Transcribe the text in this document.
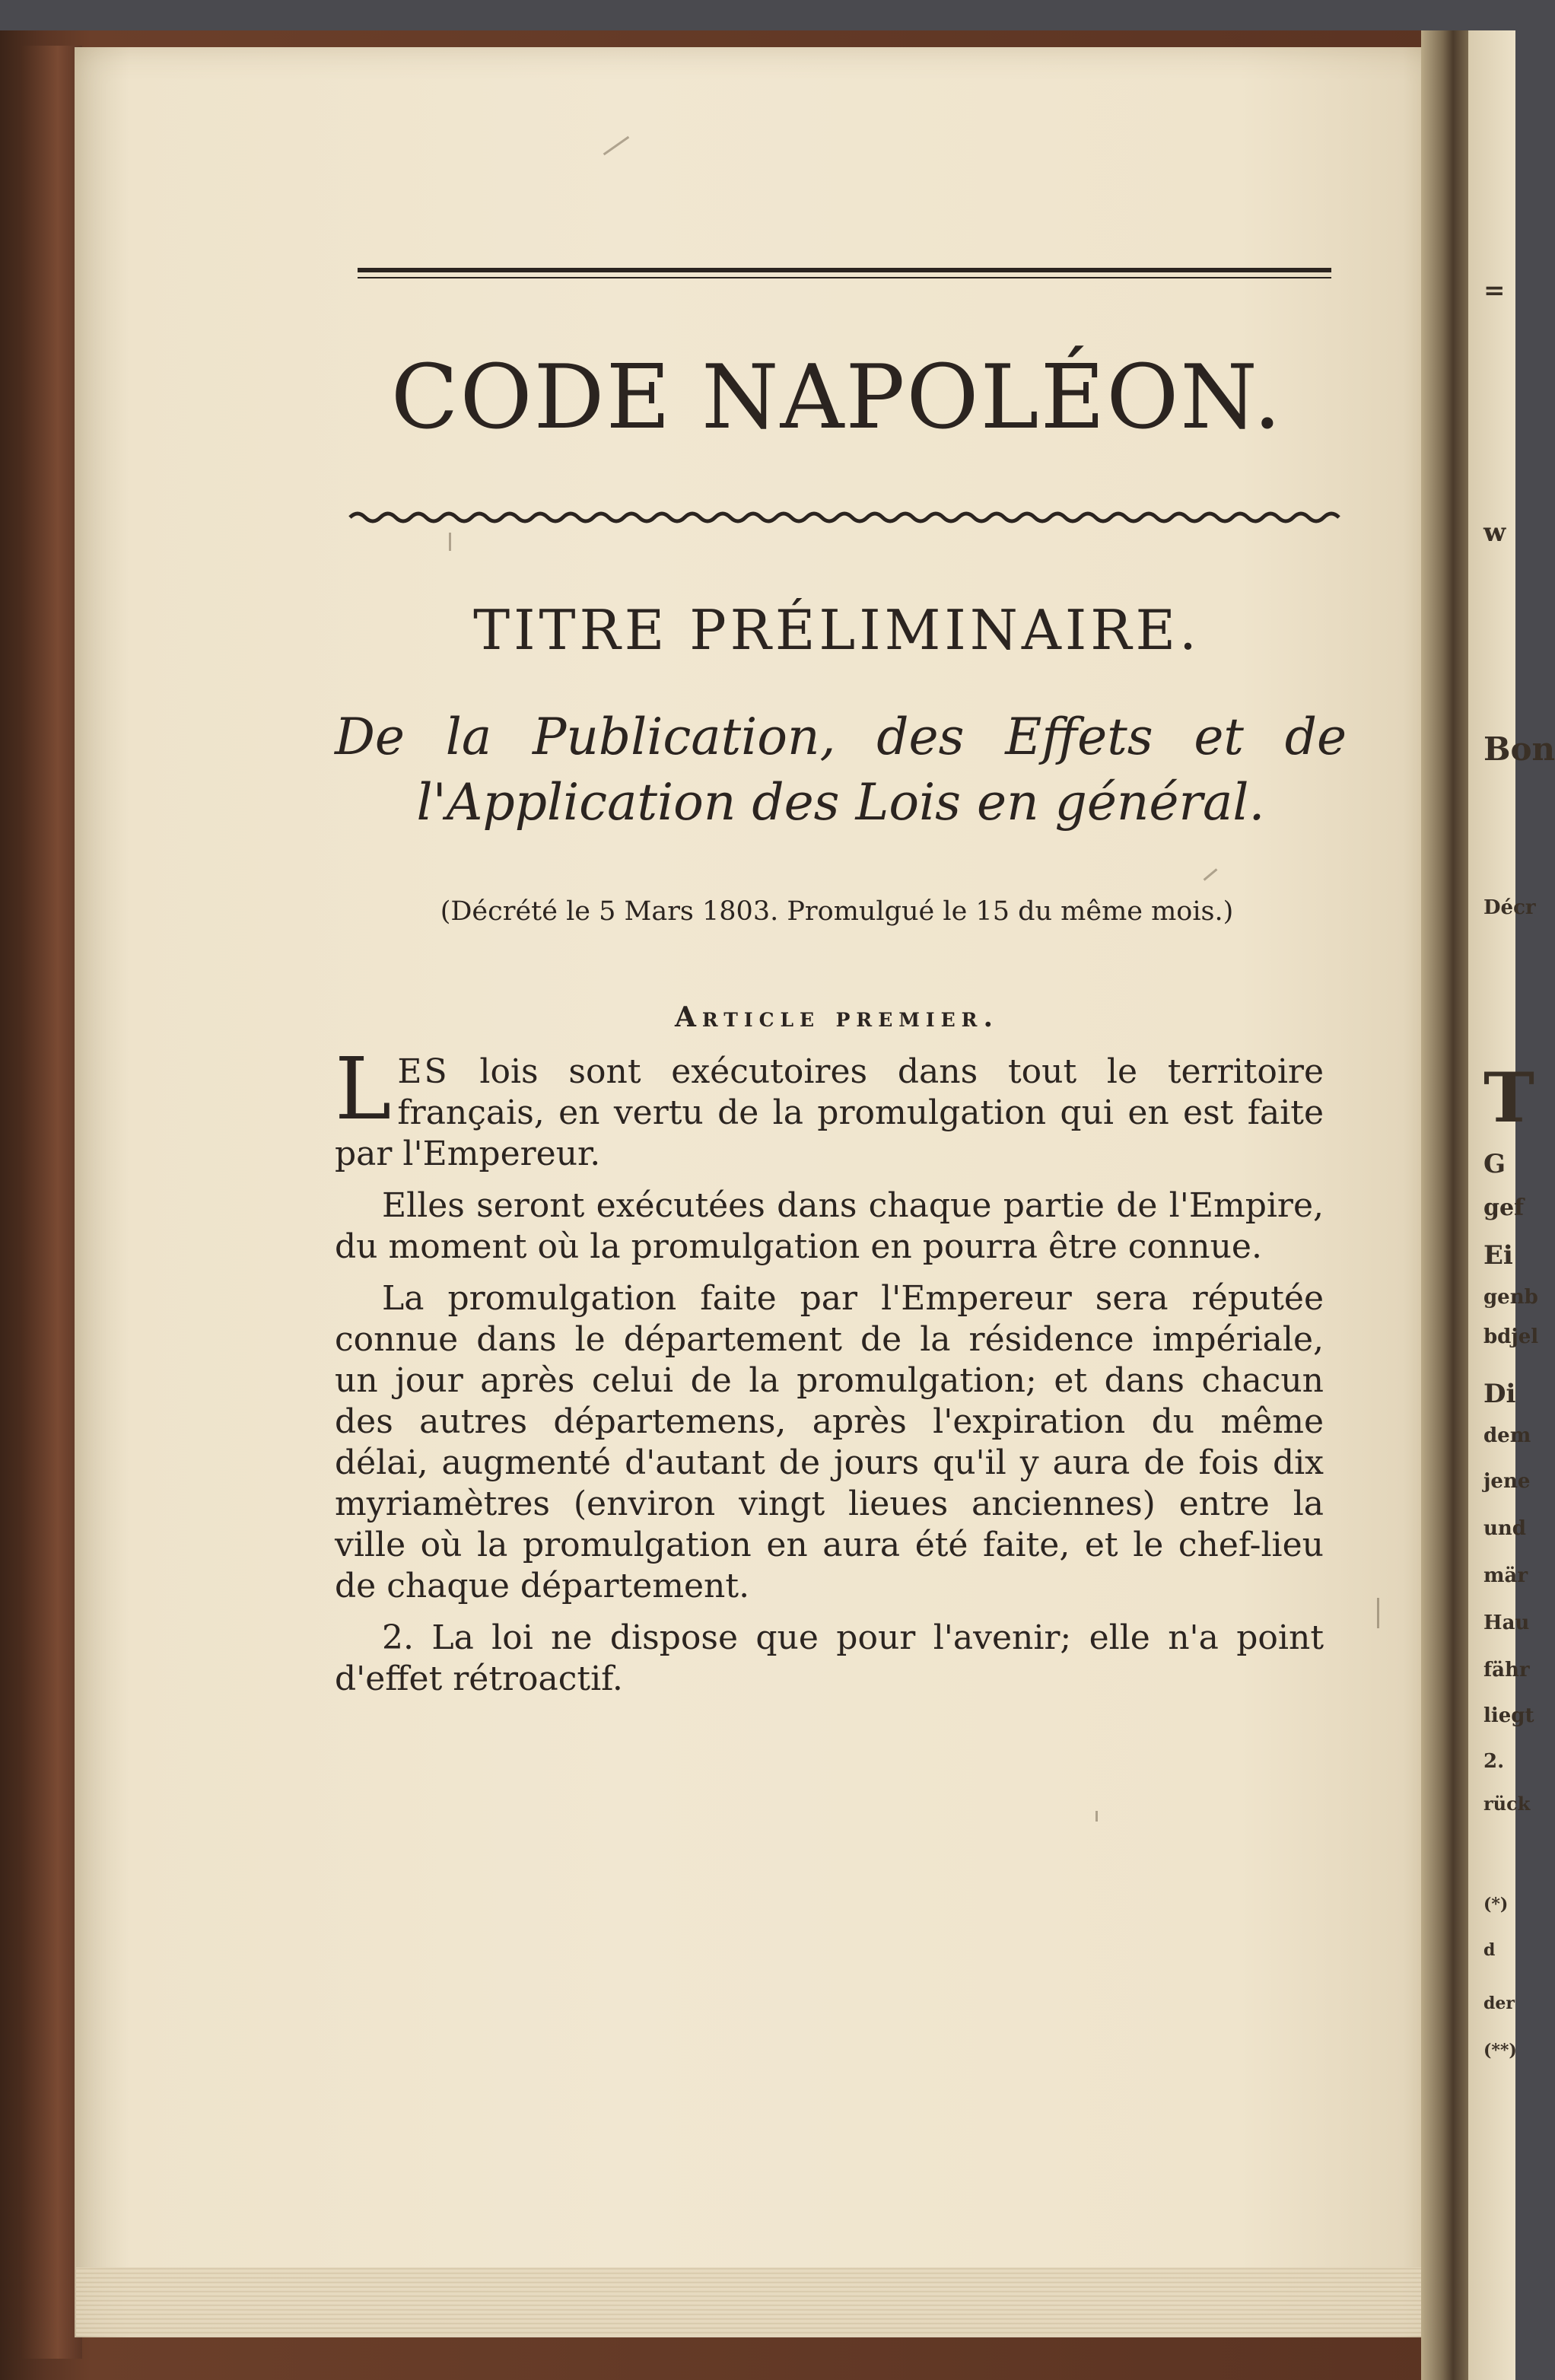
=
w
Bon
Décr
T
G
gef
Ei
genb
bdjel
Di
dem
jene
und
mär
Hau
fähr
liegt
2.
rück
(*)
d
der
(**)
CODE NAPOLÉON.
TITRE PRÉLIMINAIRE.
De la Publication, des Effets et de
l'Application des Lois en général.
(Décrété le 5 Mars 1803. Promulgué le 15 du même mois.)
Article premier.

LES lois sont exécutoires dans tout le territoire français, en vertu de la promulgation qui en est faite par l'Empereur.

Elles seront exécutées dans chaque partie de l'Empire, du moment où la promulgation en pourra être connue.

La promulgation faite par l'Empereur sera réputée connue dans le département de la résidence impériale, un jour après celui de la promulgation; et dans chacun des autres départemens, après l'expiration du même délai, augmenté d'autant de jours qu'il y aura de fois dix myriamètres (environ vingt lieues anciennes) entre la ville où la promulgation en aura été faite, et le chef-lieu de chaque département.

2. La loi ne dispose que pour l'avenir; elle n'a point d'effet rétroactif.
